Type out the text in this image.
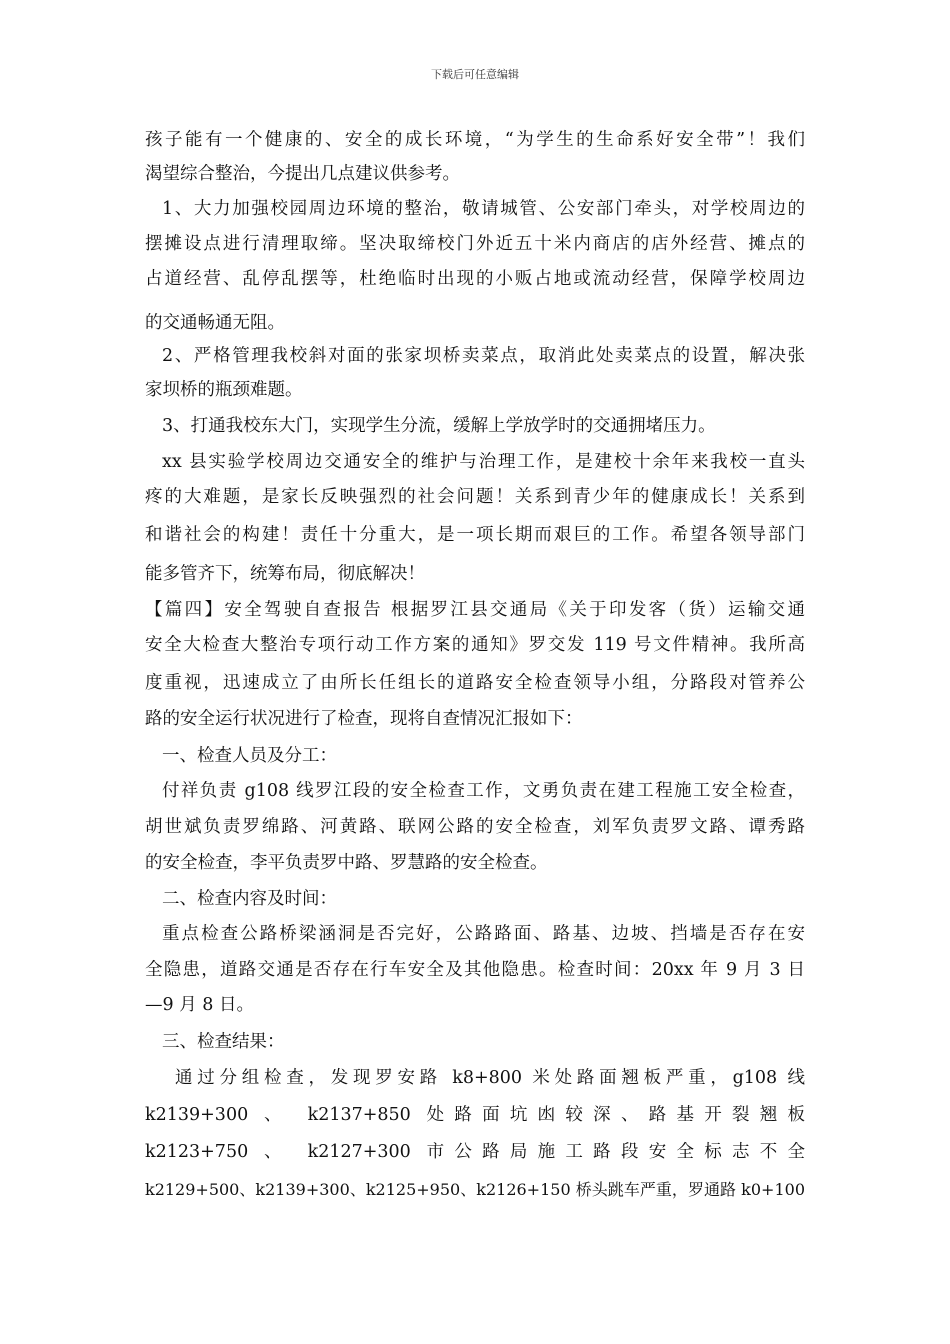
下载后可任意编辑
孩子能有一个健康的、安全的成长环境，“为学生的生命系好安全带”！我们
渴望综合整治，今提出几点建议供参考。
1、大力加强校园周边环境的整治，敬请城管、公安部门牵头，对学校周边的
摆摊设点进行清理取缔。坚决取缔校门外近五十米内商店的店外经营、摊点的
占道经营、乱停乱摆等，杜绝临时出现的小贩占地或流动经营，保障学校周边
的交通畅通无阻。
2、严格管理我校斜对面的张家坝桥卖菜点，取消此处卖菜点的设置，解决张
家坝桥的瓶颈难题。
3、打通我校东大门，实现学生分流，缓解上学放学时的交通拥堵压力。
xx 县实验学校周边交通安全的维护与治理工作，是建校十余年来我校一直头
疼的大难题，是家长反映强烈的社会问题！关系到青少年的健康成长！关系到
和谐社会的构建！责任十分重大，是一项长期而艰巨的工作。希望各领导部门
能多管齐下，统筹布局，彻底解决！
【篇四】安全驾驶自查报告 根据罗江县交通局《关于印发客（货）运输交通
安全大检查大整治专项行动工作方案的通知》罗交发 119 号文件精神。我所高
度重视，迅速成立了由所长任组长的道路安全检查领导小组，分路段对管养公
路的安全运行状况进行了检查，现将自查情况汇报如下：
一、检查人员及分工：
付祥负责 g108 线罗江段的安全检查工作，文勇负责在建工程施工安全检查，
胡世斌负责罗绵路、河黄路、联网公路的安全检查，刘军负责罗文路、谭秀路
的安全检查，李平负责罗中路、罗慧路的安全检查。
二、检查内容及时间：
重点检查公路桥梁涵洞是否完好，公路路面、路基、边坡、挡墙是否存在安
全隐患，道路交通是否存在行车安全及其他隐患。检查时间：20xx 年 9 月 3 日
—9 月 8 日。
三、检查结果：
通过分组检查，发现罗安路 k8+800 米处路面翘板严重，g108 线
k2139+300 、 k2137+850 处路面坑凼较深、路基开裂翘板
k2123+750 、 k2127+300 市公路局施工路段安全标志不全
k2129+500、k2139+300、k2125+950、k2126+150 桥头跳车严重，罗通路 k0+100
